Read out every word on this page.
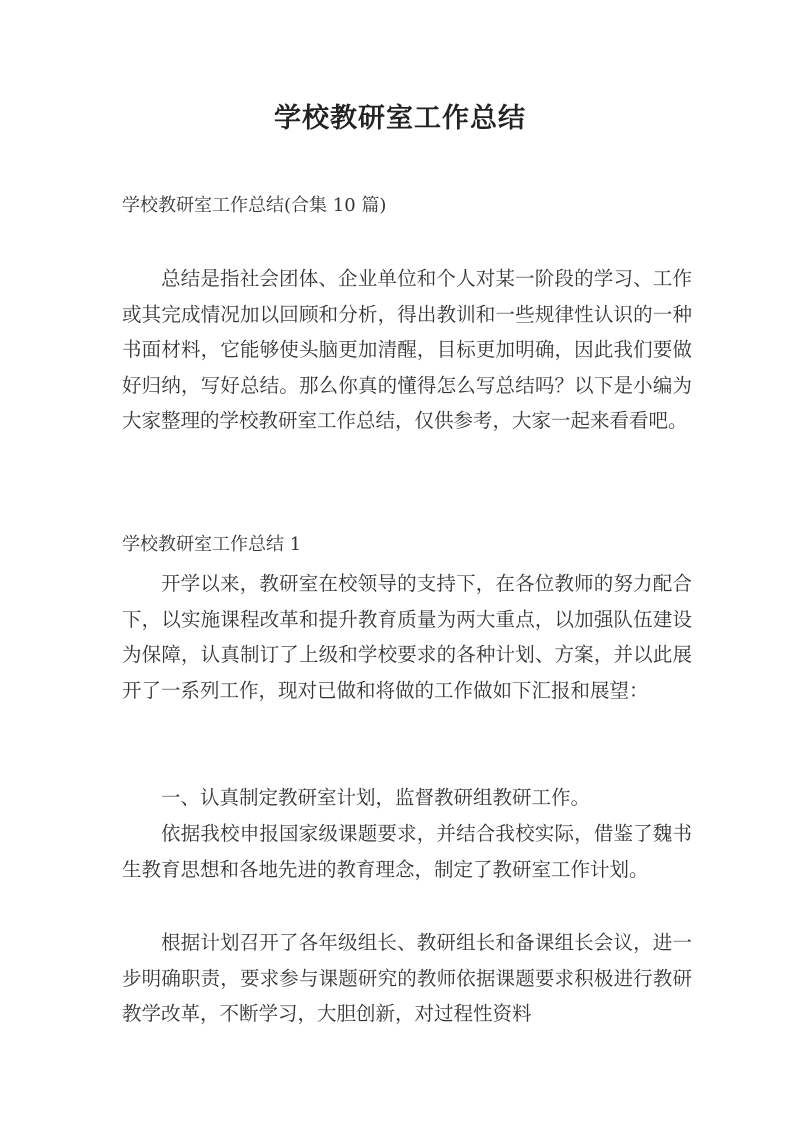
学校教研室工作总结

学校教研室工作总结(合集 10 篇)

总结是指社会团体、企业单位和个人对某一阶段的学习、工作或其完成情况加以回顾和分析，得出教训和一些规律性认识的一种书面材料，它能够使头脑更加清醒，目标更加明确，因此我们要做好归纳，写好总结。那么你真的懂得怎么写总结吗？以下是小编为大家整理的学校教研室工作总结，仅供参考，大家一起来看看吧。

学校教研室工作总结 1

开学以来，教研室在校领导的支持下，在各位教师的努力配合下，以实施课程改革和提升教育质量为两大重点，以加强队伍建设为保障，认真制订了上级和学校要求的各种计划、方案，并以此展开了一系列工作，现对已做和将做的工作做如下汇报和展望：

一、认真制定教研室计划，监督教研组教研工作。

依据我校申报国家级课题要求，并结合我校实际，借鉴了魏书生教育思想和各地先进的教育理念，制定了教研室工作计划。

根据计划召开了各年级组长、教研组长和备课组长会议，进一步明确职责，要求参与课题研究的教师依据课题要求积极进行教研教学改革，不断学习，大胆创新，对过程性资料
